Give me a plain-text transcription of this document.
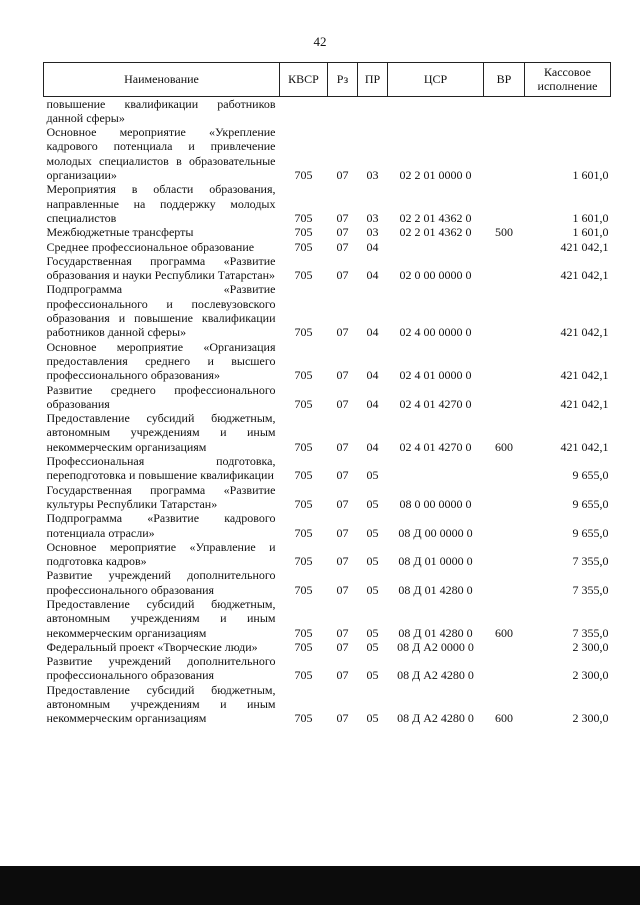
42
Наименование	КВСР	Рз	ПР	ЦСР	ВР	Кассовое исполнение
повышение квалификации работников данной сферы»						
Основное мероприятие «Укрепление кадрового потенциала и привлечение молодых специалистов в образовательные организации»	705	07	03	02 2 01 0000 0		1 601,0
Мероприятия в области образования, направленные на поддержку молодых специалистов	705	07	03	02 2 01 4362 0		1 601,0
Межбюджетные трансферты	705	07	03	02 2 01 4362 0	500	1 601,0
Среднее профессиональное образование	705	07	04			421 042,1
Государственная программа «Развитие образования и науки Республики Татарстан»	705	07	04	02 0 00 0000 0		421 042,1
Подпрограмма «Развитие профессионального и послевузовского образования и повышение квалификации работников данной сферы»	705	07	04	02 4 00 0000 0		421 042,1
Основное мероприятие «Организация предоставления среднего и высшего профессионального образования»	705	07	04	02 4 01 0000 0		421 042,1
Развитие среднего профессионального образования	705	07	04	02 4 01 4270 0		421 042,1
Предоставление субсидий бюджетным, автономным учреждениям и иным некоммерческим организациям	705	07	04	02 4 01 4270 0	600	421 042,1
Профессиональная подготовка, переподготовка и повышение квалификации	705	07	05			9 655,0
Государственная программа «Развитие культуры Республики Татарстан»	705	07	05	08 0 00 0000 0		9 655,0
Подпрограмма «Развитие кадрового потенциала отрасли»	705	07	05	08 Д 00 0000 0		9 655,0
Основное мероприятие «Управление и подготовка кадров»	705	07	05	08 Д 01 0000 0		7 355,0
Развитие учреждений дополнительного профессионального образования	705	07	05	08 Д 01 4280 0		7 355,0
Предоставление субсидий бюджетным, автономным учреждениям и иным некоммерческим организациям	705	07	05	08 Д 01 4280 0	600	7 355,0
Федеральный проект «Творческие люди»	705	07	05	08 Д А2 0000 0		2 300,0
Развитие учреждений дополнительного профессионального образования	705	07	05	08 Д А2 4280 0		2 300,0
Предоставление субсидий бюджетным, автономным учреждениям и иным некоммерческим организациям	705	07	05	08 Д А2 4280 0	600	2 300,0
